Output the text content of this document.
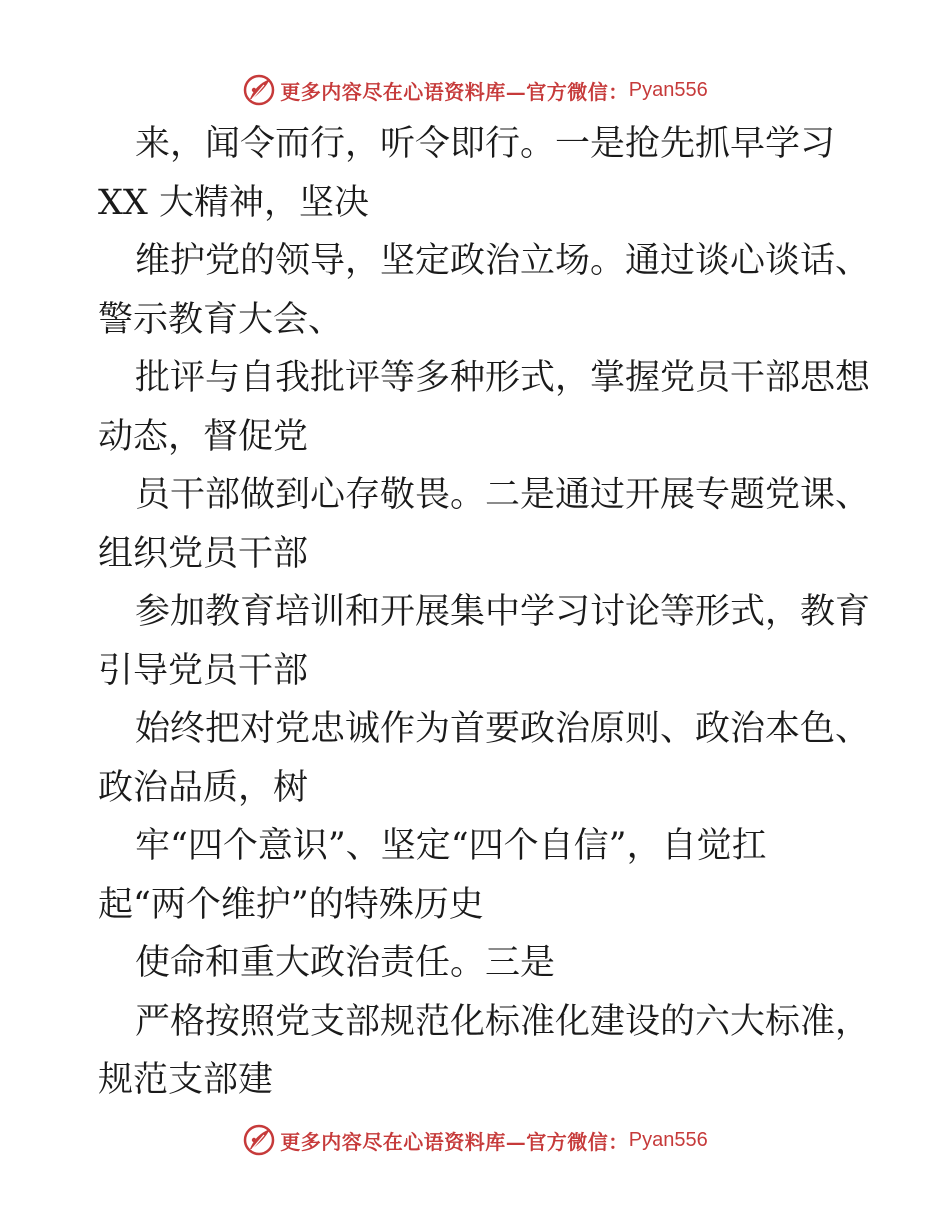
更多内容尽在心语资料库—官方微信： Pyan556
来，闻令而行，听令即行。一是抢先抓早学习
XX 大精神，坚决
维护党的领导，坚定政治立场。通过谈心谈话、
警示教育大会、
批评与自我批评等多种形式，掌握党员干部思想
动态，督促党
员干部做到心存敬畏。二是通过开展专题党课、
组织党员干部
参加教育培训和开展集中学习讨论等形式，教育
引导党员干部
始终把对党忠诚作为首要政治原则、政治本色、
政治品质，树
牢“四个意识”、坚定“四个自信”，自觉扛
起“两个维护”的特殊历史
使命和重大政治责任。三是
严格按照党支部规范化标准化建设的六大标准，
规范支部建
更多内容尽在心语资料库—官方微信： Pyan556
